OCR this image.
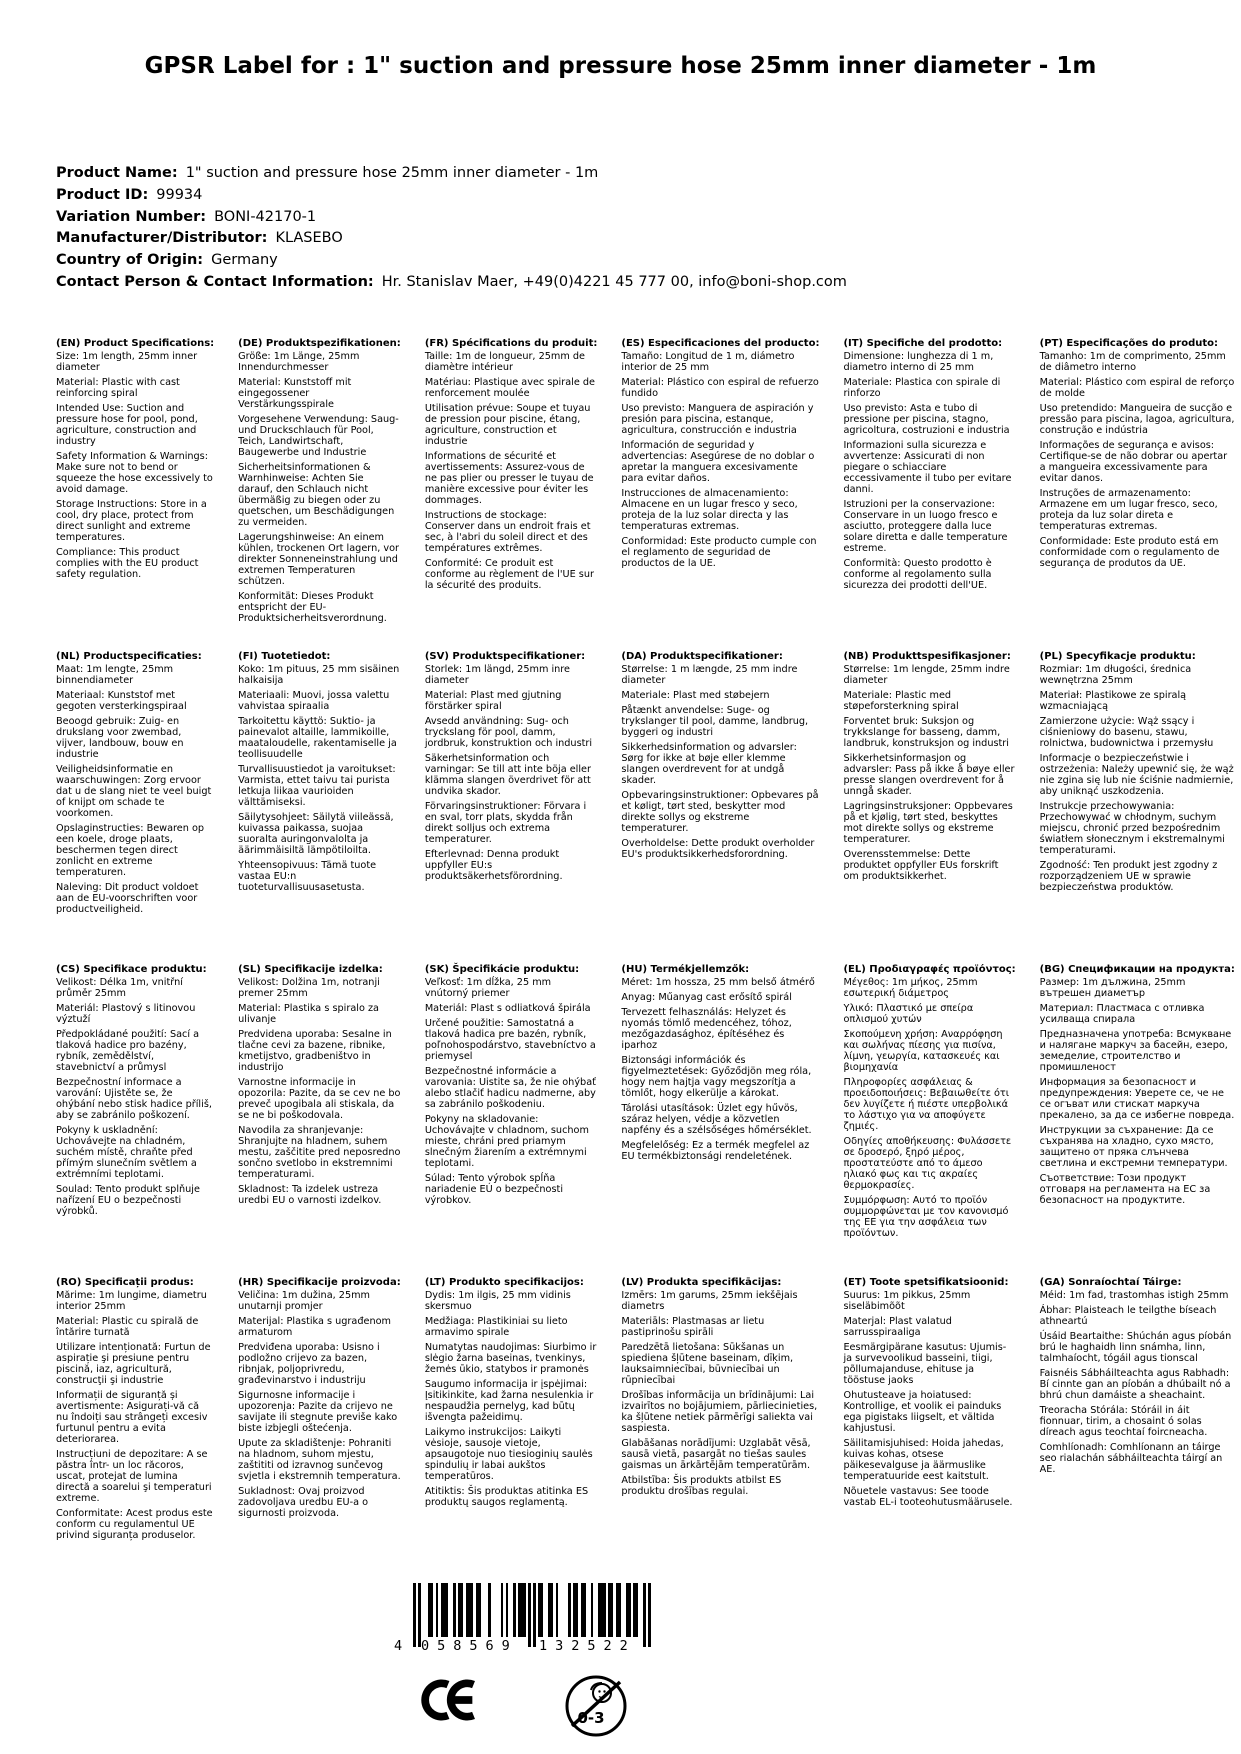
GPSR Label for : 1" suction and pressure hose 25mm inner diameter - 1m
Product Name: 1" suction and pressure hose 25mm inner diameter - 1m
Product ID: 99934
Variation Number: BONI-42170-1
Manufacturer/Distributor: KLASEBO
Country of Origin: Germany
Contact Person & Contact Information: Hr. Stanislav Maer, +49(0)4221 45 777 00, info@boni-shop.com
(EN) Product Specifications:

Size: 1m length, 25mm inner diameter

Material: Plastic with cast reinforcing spiral

Intended Use: Suction and pressure hose for pool, pond, agriculture, construction and industry

Safety Information & Warnings: Make sure not to bend or squeeze the hose excessively to avoid damage.

Storage Instructions: Store in a cool, dry place, protect from direct sunlight and extreme temperatures.

Compliance: This product complies with the EU product safety regulation.

(DE) Produktspezifikationen:

Größe: 1m Länge, 25mm Innendurchmesser

Material: Kunststoff mit eingegossener Verstärkungsspirale

Vorgesehene Verwendung: Saug- und Druckschlauch für Pool, Teich, Landwirtschaft, Baugewerbe und Industrie

Sicherheitsinformationen & Warnhinweise: Achten Sie darauf, den Schlauch nicht übermäßig zu biegen oder zu quetschen, um Beschädigungen zu vermeiden.

Lagerungshinweise: An einem kühlen, trockenen Ort lagern, vor direkter Sonneneinstrahlung und extremen Temperaturen schützen.

Konformität: Dieses Produkt entspricht der EU-Produktsicherheitsverordnung.

(FR) Spécifications du produit:

Taille: 1m de longueur, 25mm de diamètre intérieur

Matériau: Plastique avec spirale de renforcement moulée

Utilisation prévue: Soupe et tuyau de pression pour piscine, étang, agriculture, construction et industrie

Informations de sécurité et avertissements: Assurez-vous de ne pas plier ou presser le tuyau de manière excessive pour éviter les dommages.

Instructions de stockage: Conserver dans un endroit frais et sec, à l'abri du soleil direct et des températures extrêmes.

Conformité: Ce produit est conforme au règlement de l'UE sur la sécurité des produits.

(ES) Especificaciones del producto:

Tamaño: Longitud de 1 m, diámetro interior de 25 mm

Material: Plástico con espiral de refuerzo fundido

Uso previsto: Manguera de aspiración y presión para piscina, estanque, agricultura, construcción e industria

Información de seguridad y advertencias: Asegúrese de no doblar o apretar la manguera excesivamente para evitar daños.

Instrucciones de almacenamiento: Almacene en un lugar fresco y seco, proteja de la luz solar directa y las temperaturas extremas.

Conformidad: Este producto cumple con el reglamento de seguridad de productos de la UE.

(IT) Specifiche del prodotto:

Dimensione: lunghezza di 1 m, diametro interno di 25 mm

Materiale: Plastica con spirale di rinforzo

Uso previsto: Asta e tubo di pressione per piscina, stagno, agricoltura, costruzioni e industria

Informazioni sulla sicurezza e avvertenze: Assicurati di non piegare o schiacciare eccessivamente il tubo per evitare danni.

Istruzioni per la conservazione: Conservare in un luogo fresco e asciutto, proteggere dalla luce solare diretta e dalle temperature estreme.

Conformità: Questo prodotto è conforme al regolamento sulla sicurezza dei prodotti dell'UE.

(PT) Especificações do produto:

Tamanho: 1m de comprimento, 25mm de diâmetro interno

Material: Plástico com espiral de reforço de molde

Uso pretendido: Mangueira de sucção e pressão para piscina, lagoa, agricultura, construção e indústria

Informações de segurança e avisos: Certifique-se de não dobrar ou apertar a mangueira excessivamente para evitar danos.

Instruções de armazenamento: Armazene em um lugar fresco, seco, proteja da luz solar direta e temperaturas extremas.

Conformidade: Este produto está em conformidade com o regulamento de segurança de produtos da UE.

(NL) Productspecificaties:

Maat: 1m lengte, 25mm binnendiameter

Materiaal: Kunststof met gegoten versterkingspiraal

Beoogd gebruik: Zuig- en drukslang voor zwembad, vijver, landbouw, bouw en industrie

Veiligheidsinformatie en waarschuwingen: Zorg ervoor dat u de slang niet te veel buigt of knijpt om schade te voorkomen.

Opslaginstructies: Bewaren op een koele, droge plaats, beschermen tegen direct zonlicht en extreme temperaturen.

Naleving: Dit product voldoet aan de EU-voorschriften voor productveiligheid.

(FI) Tuotetiedot:

Koko: 1m pituus, 25 mm sisäinen halkaisija

Materiaali: Muovi, jossa valettu vahvistaa spiraalia

Tarkoitettu käyttö: Suktio- ja painevalot altaille, lammikoille, maataloudelle, rakentamiselle ja teollisuudelle

Turvallisuustiedot ja varoitukset: Varmista, ettet taivu tai purista letkuja liikaa vaurioiden välttämiseksi.

Säilytysohjeet: Säilytä viileässä, kuivassa paikassa, suojaa suoralta auringonvalolta ja äärimmäisiltä lämpötiloilta.

Yhteensopivuus: Tämä tuote vastaa EU:n tuoteturvallisuusasetusta.

(SV) Produktspecifikationer:

Storlek: 1m längd, 25mm inre diameter

Material: Plast med gjutning förstärker spiral

Avsedd användning: Sug- och tryckslang för pool, damm, jordbruk, konstruktion och industri

Säkerhetsinformation och varningar: Se till att inte böja eller klämma slangen överdrivet för att undvika skador.

Förvaringsinstruktioner: Förvara i en sval, torr plats, skydda från direkt solljus och extrema temperaturer.

Efterlevnad: Denna produkt uppfyller EU:s produktsäkerhetsförordning.

(DA) Produktspecifikationer:

Størrelse: 1 m længde, 25 mm indre diameter

Materiale: Plast med støbejern

Påtænkt anvendelse: Suge- og trykslanger til pool, damme, landbrug, byggeri og industri

Sikkerhedsinformation og advarsler: Sørg for ikke at bøje eller klemme slangen overdrevent for at undgå skader.

Opbevaringsinstruktioner: Opbevares på et køligt, tørt sted, beskytter mod direkte sollys og ekstreme temperaturer.

Overholdelse: Dette produkt overholder EU's produktsikkerhedsforordning.

(NB) Produkttspesifikasjoner:

Størrelse: 1m lengde, 25mm indre diameter

Materiale: Plastic med støpeforsterkning spiral

Forventet bruk: Suksjon og trykkslange for basseng, damm, landbruk, konstruksjon og industri

Sikkerhetsinformasjon og advarsler: Pass på ikke å bøye eller presse slangen overdrevent for å unngå skader.

Lagringsinstruksjoner: Oppbevares på et kjølig, tørt sted, beskyttes mot direkte sollys og ekstreme temperaturer.

Overensstemmelse: Dette produktet oppfyller EUs forskrift om produktsikkerhet.

(PL) Specyfikacje produktu:

Rozmiar: 1m długości, średnica wewnętrzna 25mm

Materiał: Plastikowe ze spiralą wzmacniającą

Zamierzone użycie: Wąż ssący i ciśnieniowy do basenu, stawu, rolnictwa, budownictwa i przemysłu

Informacje o bezpieczeństwie i ostrzeżenia: Należy upewnić się, że wąż nie zgina się lub nie ściśnie nadmiernie, aby uniknąć uszkodzenia.

Instrukcje przechowywania: Przechowywać w chłodnym, suchym miejscu, chronić przed bezpośrednim światłem słonecznym i ekstremalnymi temperaturami.

Zgodność: Ten produkt jest zgodny z rozporządzeniem UE w sprawie bezpieczeństwa produktów.

(CS) Specifikace produktu:

Velikost: Délka 1m, vnitřní průměr 25mm

Materiál: Plastový s litinovou výztuží

Předpokládané použití: Sací a tlaková hadice pro bazény, rybník, zemědělství, stavebnictví a průmysl

Bezpečnostní informace a varování: Ujistěte se, že ohýbání nebo stisk hadice příliš, aby se zabránilo poškození.

Pokyny k uskladnění: Uchovávejte na chladném, suchém místě, chraňte před přímým slunečním světlem a extrémními teplotami.

Soulad: Tento produkt splňuje nařízení EU o bezpečnosti výrobků.

(SL) Specifikacije izdelka:

Velikost: Dolžina 1m, notranji premer 25mm

Material: Plastika s spiralo za ulivanje

Predvidena uporaba: Sesalne in tlačne cevi za bazene, ribnike, kmetijstvo, gradbeništvo in industrijo

Varnostne informacije in opozorila: Pazite, da se cev ne bo preveč upogibala ali stiskala, da se ne bi poškodovala.

Navodila za shranjevanje: Shranjujte na hladnem, suhem mestu, zaščitite pred neposredno sončno svetlobo in ekstremnimi temperaturami.

Skladnost: Ta izdelek ustreza uredbi EU o varnosti izdelkov.

(SK) Špecifikácie produktu:

Veľkosť: 1m dĺžka, 25 mm vnútorný priemer

Materiál: Plast s odliatková špirála

Určené použitie: Samostatná a tlaková hadica pre bazén, rybník, poľnohospodárstvo, stavebníctvo a priemysel

Bezpečnostné informácie a varovania: Uistite sa, že nie ohýbať alebo stlačiť hadicu nadmerne, aby sa zabránilo poškodeniu.

Pokyny na skladovanie: Uchovávajte v chladnom, suchom mieste, chráni pred priamym slnečným žiarením a extrémnymi teplotami.

Súlad: Tento výrobok spĺňa nariadenie EÚ o bezpečnosti výrobkov.

(HU) Termékjellemzők:

Méret: 1m hossza, 25 mm belső átmérő

Anyag: Műanyag cast erősítő spirál

Tervezett felhasználás: Helyzet és nyomás tömlő medencéhez, tóhoz, mezőgazdasághoz, építéséhez és iparhoz

Biztonsági információk és figyelmeztetések: Győződjön meg róla, hogy nem hajtja vagy megszorítja a tömlőt, hogy elkerülje a károkat.

Tárolási utasítások: Üzlet egy hűvös, száraz helyen, védje a közvetlen napfény és a szélsőséges hőmérséklet.

Megfelelőség: Ez a termék megfelel az EU termékbiztonsági rendeletének.

(EL) Προδιαγραφές προϊόντος:

Μέγεθος: 1m μήκος, 25mm εσωτερική διάμετρος

Υλικό: Πλαστικό με σπείρα οπλισμού χυτών

Σκοπούμενη χρήση: Αναρρόφηση και σωλήνας πίεσης για πισίνα, λίμνη, γεωργία, κατασκευές και βιομηχανία

Πληροφορίες ασφάλειας & προειδοποιήσεις: Βεβαιωθείτε ότι δεν λυγίζετε ή πιέστε υπερβολικά το λάστιχο για να αποφύγετε ζημιές.

Οδηγίες αποθήκευσης: Φυλάσσετε σε δροσερό, ξηρό μέρος, προστατεύστε από το άμεσο ηλιακό φως και τις ακραίες θερμοκρασίες.

Συμμόρφωση: Αυτό το προϊόν συμμορφώνεται με τον κανονισμό της ΕΕ για την ασφάλεια των προϊόντων.

(BG) Спецификации на продукта:

Размер: 1m дължина, 25mm вътрешен диаметър

Материал: Пластмаса с отливка усилваща спирала

Предназначена употреба: Всмукване и налягане маркуч за басейн, езеро, земеделие, строителство и промишленост

Информация за безопасност и предупреждения: Уверете се, че не се огъват или стискат маркуча прекалено, за да се избегне повреда.

Инструкции за съхранение: Да се съхранява на хладно, сухо място, защитено от пряка слънчева светлина и екстремни температури.

Съответствие: Този продукт отговаря на регламента на ЕС за безопасност на продуктите.

(RO) Specificații produs:

Mărime: 1m lungime, diametru interior 25mm

Material: Plastic cu spirală de întărire turnată

Utilizare intenționată: Furtun de aspirație şi presiune pentru piscină, iaz, agricultură, construcţii şi industrie

Informații de siguranță și avertismente: Asigurați-vă că nu îndoiți sau strângeți excesiv furtunul pentru a evita deteriorarea.

Instrucțiuni de depozitare: A se păstra într- un loc răcoros, uscat, protejat de lumina directă a soarelui şi temperaturi extreme.

Conformitate: Acest produs este conform cu regulamentul UE privind siguranța produselor.

(HR) Specifikacije proizvoda:

Veličina: 1m dužina, 25mm unutarnji promjer

Materijal: Plastika s ugrađenom armaturom

Predviđena uporaba: Usisno i podložno crijevo za bazen, ribnjak, poljoprivredu, građevinarstvo i industriju

Sigurnosne informacije i upozorenja: Pazite da crijevo ne savijate ili stegnute previše kako biste izbjegli oštećenja.

Upute za skladištenje: Pohraniti na hladnom, suhom mjestu, zaštititi od izravnog sunčevog svjetla i ekstremnih temperatura.

Sukladnost: Ovaj proizvod zadovoljava uredbu EU-a o sigurnosti proizvoda.

(LT) Produkto specifikacijos:

Dydis: 1m ilgis, 25 mm vidinis skersmuo

Medžiaga: Plastikiniai su lieto armavimo spirale

Numatytas naudojimas: Siurbimo ir slėgio žarna baseinas, tvenkinys, žemės ūkio, statybos ir pramonės

Saugumo informacija ir įspėjimai: Įsitikinkite, kad žarna nesulenkia ir nespaudžia pernelyg, kad būtų išvengta pažeidimų.

Laikymo instrukcijos: Laikyti vėsioje, sausoje vietoje, apsaugotoje nuo tiesioginių saulės spindulių ir labai aukštos temperatūros.

Atitiktis: Šis produktas atitinka ES produktų saugos reglamentą.

(LV) Produkta specifikācijas:

Izmērs: 1m garums, 25mm iekšējais diametrs

Materiāls: Plastmasas ar lietu pastiprinošu spirāli

Paredzētā lietošana: Sūkšanas un spiediena šļūtene baseinam, dīķim, lauksaimniecībai, būvniecībai un rūpniecībai

Drošības informācija un brīdinājumi: Lai izvairītos no bojājumiem, pārliecinieties, ka šļūtene netiek pārmērīgi saliekta vai saspiesta.

Glabāšanas norādījumi: Uzglabāt vēsā, sausā vietā, pasargāt no tiešas saules gaismas un ārkārtējām temperatūrām.

Atbilstība: Šis produkts atbilst ES produktu drošības regulai.

(ET) Toote spetsifikatsioonid:

Suurus: 1m pikkus, 25mm siseläbimõõt

Materjal: Plast valatud sarrusspiraaliga

Eesmärgipärane kasutus: Ujumis- ja survevoolikud basseini, tiigi, põllumajanduse, ehituse ja tööstuse jaoks

Ohutusteave ja hoiatused: Kontrollige, et voolik ei painduks ega pigistaks liigselt, et vältida kahjustusi.

Säilitamisjuhised: Hoida jahedas, kuivas kohas, otsese päikesevalguse ja äärmuslike temperatuuride eest kaitstult.

Nõuetele vastavus: See toode vastab EL-i tooteohutusmäärusele.

(GA) Sonraíochtaí Táirge:

Méid: 1m fad, trastomhas istigh 25mm

Ábhar: Plaisteach le teilgthe bíseach athneartú

Úsáid Beartaithe: Shúchán agus píobán brú le haghaidh linn snámha, linn, talmhaíocht, tógáil agus tionscal

Faisnéis Sábháilteachta agus Rabhadh: Bí cinnte gan an píobán a dhúbailt nó a bhrú chun damáiste a sheachaint.

Treoracha Stórála: Stóráil in áit fionnuar, tirim, a chosaint ó solas díreach agus teochtaí foircneacha.

Comhlíonadh: Comhlíonann an táirge seo rialachán sábháilteachta táirgí an AE.

4 058569 132522
0-3
